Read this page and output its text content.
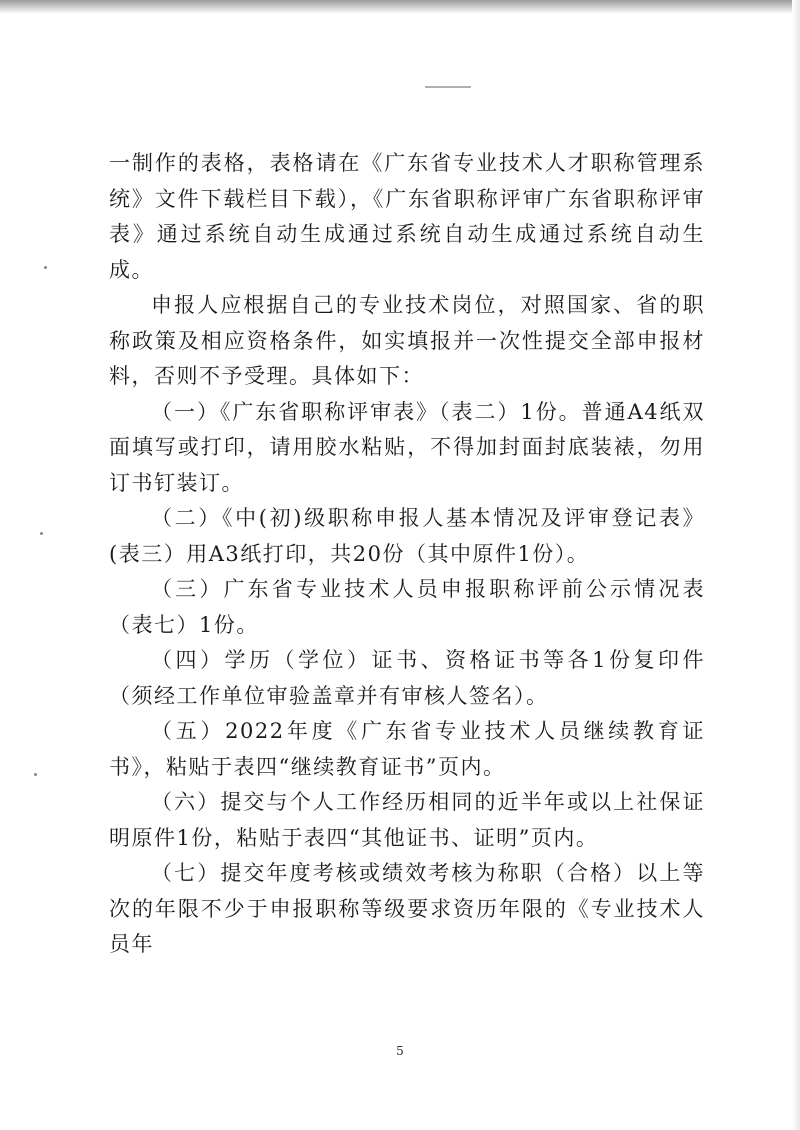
一制作的表格，表格请在《广东省专业技术人才职称管理系统》文件下载栏目下载），《广东省职称评审广东省职称评审表》通过系统自动生成通过系统自动生成通过系统自动生成。

申报人应根据自己的专业技术岗位，对照国家、省的职称政策及相应资格条件，如实填报并一次性提交全部申报材料，否则不予受理。具体如下：

（一）《广东省职称评审表》（表二）1份。普通A4纸双面填写或打印，请用胶水粘贴，不得加封面封底装裱，勿用订书钉装订。

（二）《中(初)级职称申报人基本情况及评审登记表》(表三）用A3纸打印，共20份（其中原件1份）。

（三）广东省专业技术人员申报职称评前公示情况表（表七）1份。

（四）学历（学位）证书、资格证书等各1份复印件（须经工作单位审验盖章并有审核人签名）。

（五）2022年度《广东省专业技术人员继续教育证书》，粘贴于表四“继续教育证书”页内。

（六）提交与个人工作经历相同的近半年或以上社保证明原件1份，粘贴于表四“其他证书、证明”页内。

（七）提交年度考核或绩效考核为称职（合格）以上等次的年限不少于申报职称等级要求资历年限的《专业技术人员年

5
